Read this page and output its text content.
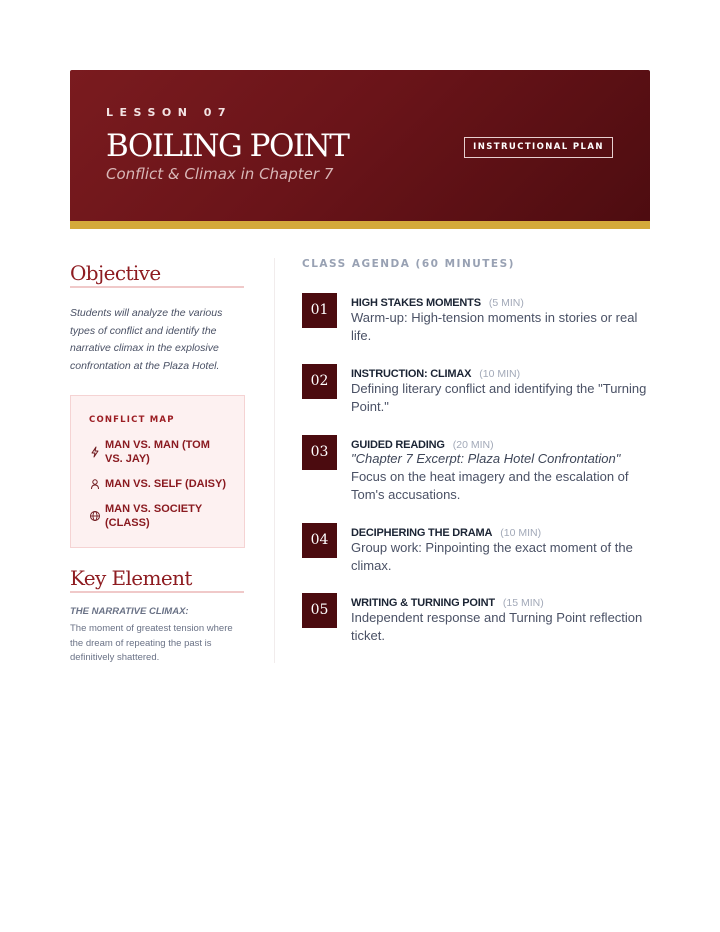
LESSON 07
BOILING POINT
Conflict & Climax in Chapter 7
INSTRUCTIONAL PLAN
Objective
Students will analyze the various types of conflict and identify the narrative climax in the explosive confrontation at the Plaza Hotel.
CONFLICT MAP
MAN VS. MAN (TOM VS. JAY)
MAN VS. SELF (DAISY)
MAN VS. SOCIETY (CLASS)
Key Element
THE NARRATIVE CLIMAX:
The moment of greatest tension where the dream of repeating the past is definitively shattered.
CLASS AGENDA (60 MINUTES)
01	HIGH STAKES MOMENTS (5 MIN)
Warm-up: High-tension moments in stories or real life.
02	INSTRUCTION: CLIMAX (10 MIN)
Defining literary conflict and identifying the "Turning Point."
03	GUIDED READING (20 MIN)
"Chapter 7 Excerpt: Plaza Hotel Confrontation"
Focus on the heat imagery and the escalation of Tom's accusations.
04	DECIPHERING THE DRAMA (10 MIN)
Group work: Pinpointing the exact moment of the climax.
05	WRITING & TURNING POINT (15 MIN)
Independent response and Turning Point reflection ticket.
